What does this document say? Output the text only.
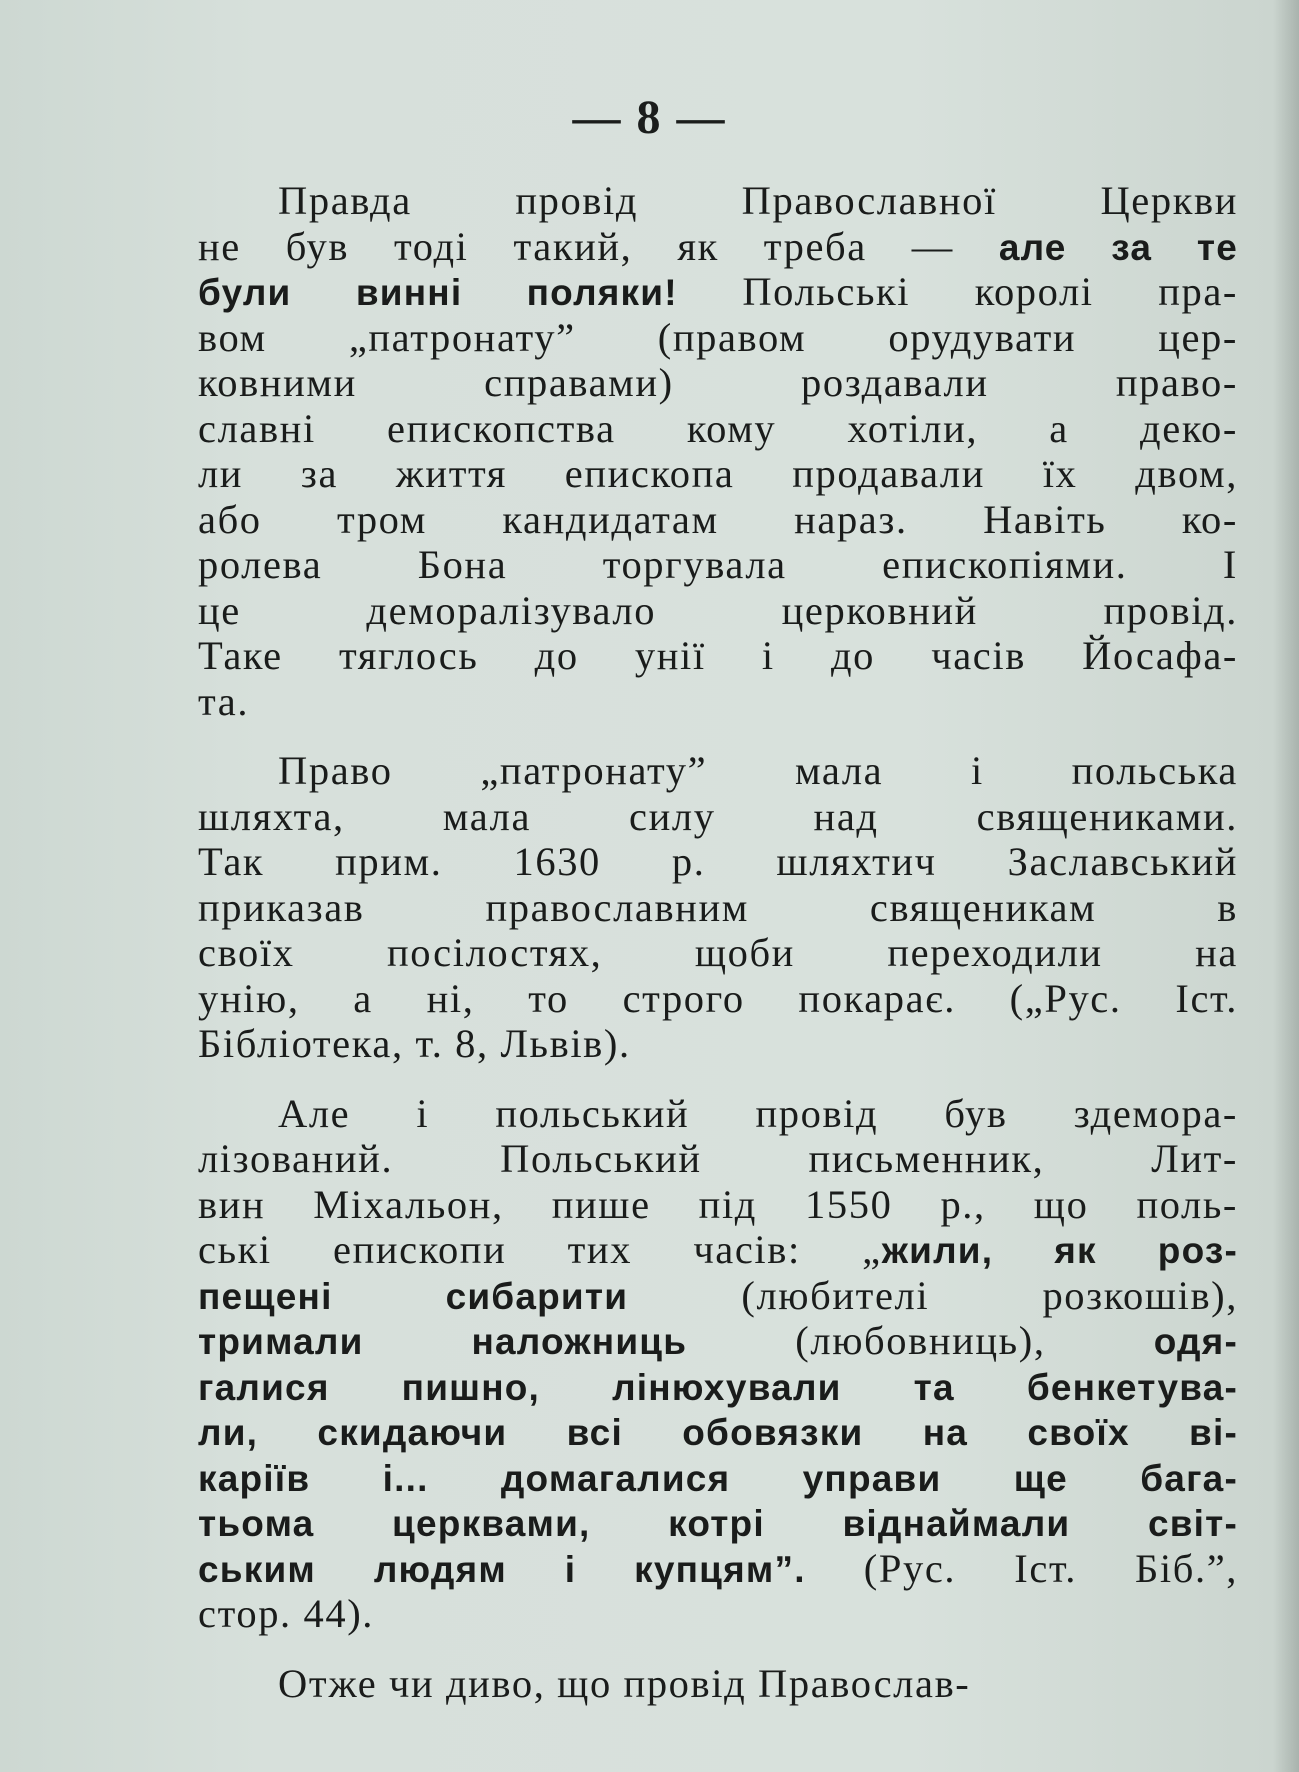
— 8 —
Правда провід Православної Церкви
не був тоді такий, як треба — але за те
були винні поляки! Польські королі пра-
вом „патронату” (правом орудувати цер-
ковними справами) роздавали право-
славні епископства кому хотіли, а деко-
ли за життя епископа продавали їх двом,
або тром кандидатам нараз. Навіть ко-
ролева Бона торгувала епископіями. І
це деморалізувало церковний провід.
Таке тяглось до унії і до часів Йосафа-
та.
Право „патронату” мала і польська
шляхта, мала силу над священиками.
Так прим. 1630 р. шляхтич Заславський
приказав православним священикам в
своїх посілостях, щоби переходили на
унію, а ні, то строго покарає. („Рус. Іст.
Бібліотека, т. 8, Львів).
Але і польський провід був здемора-
лізований. Польський письменник, Лит-
вин Міхальон, пише під 1550 р., що поль-
ські епископи тих часів: „жили, як роз-
пещені сибарити (любителі розкошів),
тримали наложниць (любовниць), одя-
галися пишно, лінюхували та бенкетува-
ли, скидаючи всі обовязки на своїх ві-
каріїв і... домагалися управи ще бага-
тьома церквами, котрі віднаймали світ-
ським людям і купцям”. (Рус. Іст. Біб.”,
стор. 44).
Отже чи диво, що провід Православ-
